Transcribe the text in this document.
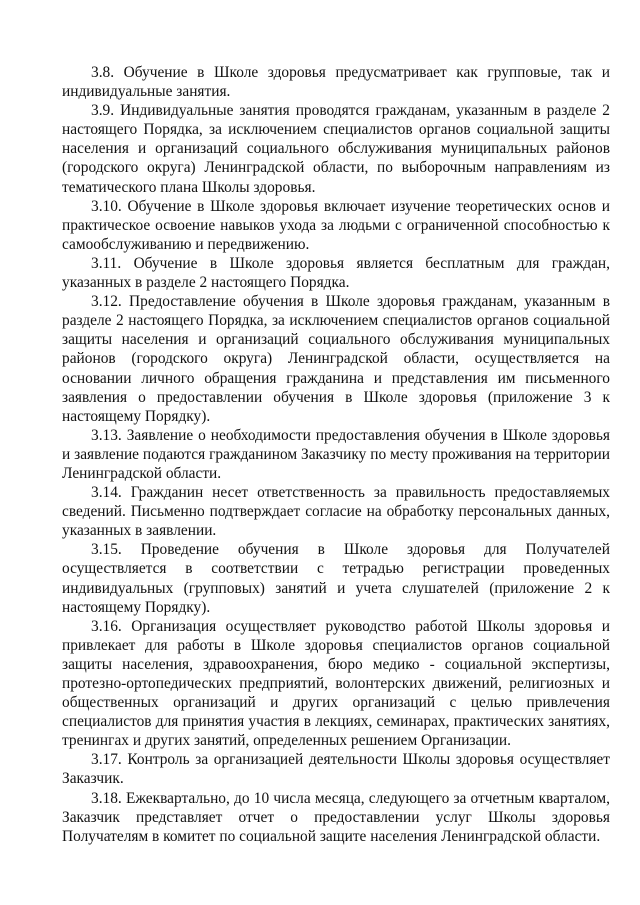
3.8. Обучение в Школе здоровья предусматривает как групповые, так и индивидуальные занятия.

3.9. Индивидуальные занятия проводятся гражданам, указанным в разделе 2 настоящего Порядка, за исключением специалистов органов социальной защиты населения и организаций социального обслуживания муниципальных районов (городского округа) Ленинградской области, по выборочным направлениям из тематического плана Школы здоровья.

3.10. Обучение в Школе здоровья включает изучение теоретических основ и практическое освоение навыков ухода за людьми с ограниченной способностью к самообслуживанию и передвижению.

3.11. Обучение в Школе здоровья является бесплатным для граждан, указанных в разделе 2 настоящего Порядка.

3.12. Предоставление обучения в Школе здоровья гражданам, указанным в разделе 2 настоящего Порядка, за исключением специалистов органов социальной защиты населения и организаций социального обслуживания муниципальных районов (городского округа) Ленинградской области, осуществляется на основании личного обращения гражданина и представления им письменного заявления о предоставлении обучения в Школе здоровья (приложение 3 к настоящему Порядку).

3.13. Заявление о необходимости предоставления обучения в Школе здоровья и заявление подаются гражданином Заказчику по месту проживания на территории Ленинградской области.

3.14. Гражданин несет ответственность за правильность предоставляемых сведений. Письменно подтверждает согласие на обработку персональных данных, указанных в заявлении.

3.15. Проведение обучения в Школе здоровья для Получателей осуществляется в соответствии с тетрадью регистрации проведенных индивидуальных (групповых) занятий и учета слушателей (приложение 2 к настоящему Порядку).

3.16. Организация осуществляет руководство работой Школы здоровья и привлекает для работы в Школе здоровья специалистов органов социальной защиты населения, здравоохранения, бюро медико - социальной экспертизы, протезно-ортопедических предприятий, волонтерских движений, религиозных и общественных организаций и других организаций с целью привлечения специалистов для принятия участия в лекциях, семинарах, практических занятиях, тренингах и других занятий, определенных решением Организации.

3.17. Контроль за организацией деятельности Школы здоровья осуществляет Заказчик.

3.18. Ежеквартально, до 10 числа месяца, следующего за отчетным кварталом, Заказчик представляет отчет о предоставлении услуг Школы здоровья Получателям в комитет по социальной защите населения Ленинградской области.
